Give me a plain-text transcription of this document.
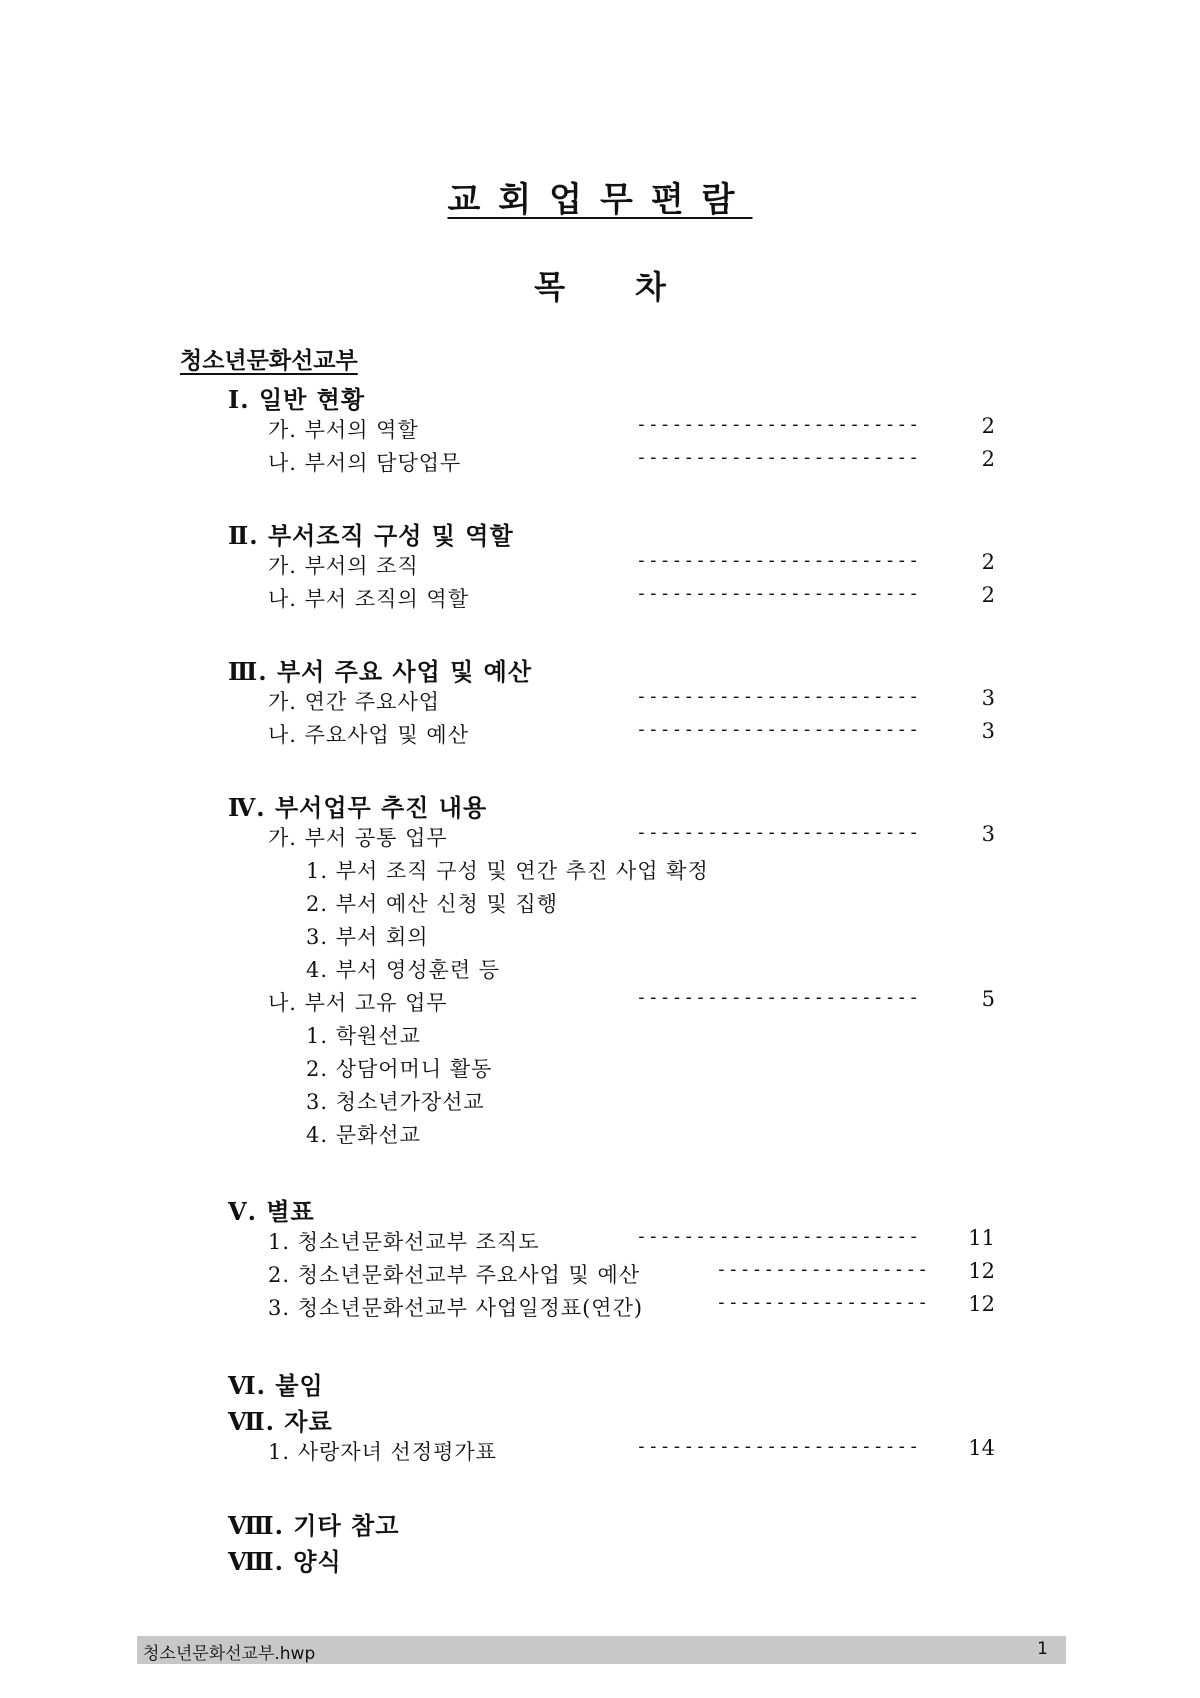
교회업무편람
목차
청소년문화선교부
Ⅰ. 일반 현황
가. 부서의 역할	------------------------	2
나. 부서의 담당업무	------------------------	2
Ⅱ. 부서조직 구성 및 역할
가. 부서의 조직	------------------------	2
나. 부서 조직의 역할	------------------------	2
Ⅲ. 부서 주요 사업 및 예산
가. 연간 주요사업	------------------------	3
나. 주요사업 및 예산	------------------------	3
Ⅳ. 부서업무 추진 내용
가. 부서 공통 업무	------------------------	3
1. 부서 조직 구성 및 연간 추진 사업 확정
2. 부서 예산 신청 및 집행
3. 부서 회의
4. 부서 영성훈련 등
나. 부서 고유 업무	------------------------	5
1. 학원선교
2. 상담어머니 활동
3. 청소년가장선교
4. 문화선교
Ⅴ. 별표
1. 청소년문화선교부 조직도	------------------------	11
2. 청소년문화선교부 주요사업 및 예산	------------------	12
3. 청소년문화선교부 사업일정표(연간)	------------------	12
Ⅵ. 붙임
Ⅶ. 자료
1. 사랑자녀 선정평가표	------------------------	14
Ⅷ. 기타 참고
Ⅷ. 양식
청소년문화선교부.hwp	1
